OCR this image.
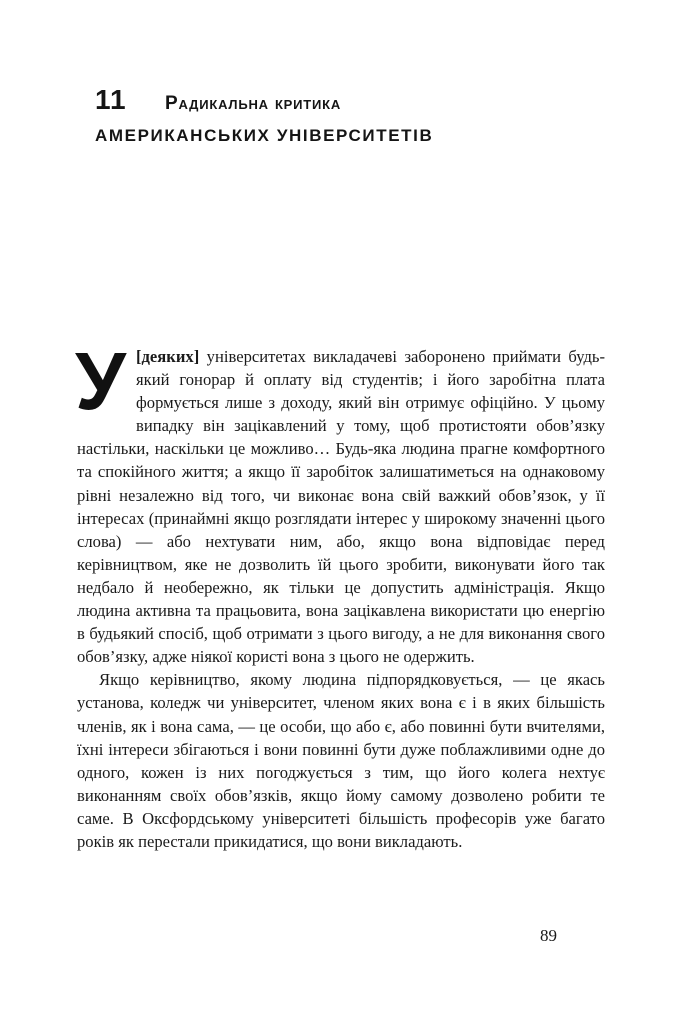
11	Радикальна критика
АМЕРИКАНСЬКИХ УНІВЕРСИТЕТІВ

У [деяких] університетах викладачеві заборонено приймати будь-який гонорар й оплату від студентів; і його заробітна плата формується лише з доходу, який він отримує офіційно. У цьому випадку він зацікавлений у тому, щоб протистояти обов’язку настільки, наскільки це можливо… Будь-яка людина прагне комфортного та спокійного життя; а якщо її заробіток залишатиметься на однаковому рівні незалежно від того, чи виконає вона свій важкий обов’язок, у її інтересах (принаймні якщо розглядати інтерес у широкому значенні цього слова) — або нехтувати ним, або, якщо вона відповідає перед керівництвом, яке не дозволить їй цього зробити, виконувати його так недбало й необережно, як тільки це допустить адміністрація. Якщо людина активна та працьовита, вона зацікавлена використати цю енергію в будьякий спосіб, щоб отримати з цього вигоду, а не для виконання свого обов’язку, адже ніякої користі вона з цього не одержить.

Якщо керівництво, якому людина підпорядковується, — це якась установа, коледж чи університет, членом яких вона є і в яких більшість членів, як і вона сама, — це особи, що або є, або повинні бути вчителями, їхні інтереси збігаються і вони повинні бути дуже поблажливими одне до одного, кожен із них погоджується з тим, що його колега нехтує виконанням своїх обов’язків, якщо йому самому дозволено робити те саме. В Оксфордському університеті більшість професорів уже багато років як перестали прикидатися, що вони викладають.

89
